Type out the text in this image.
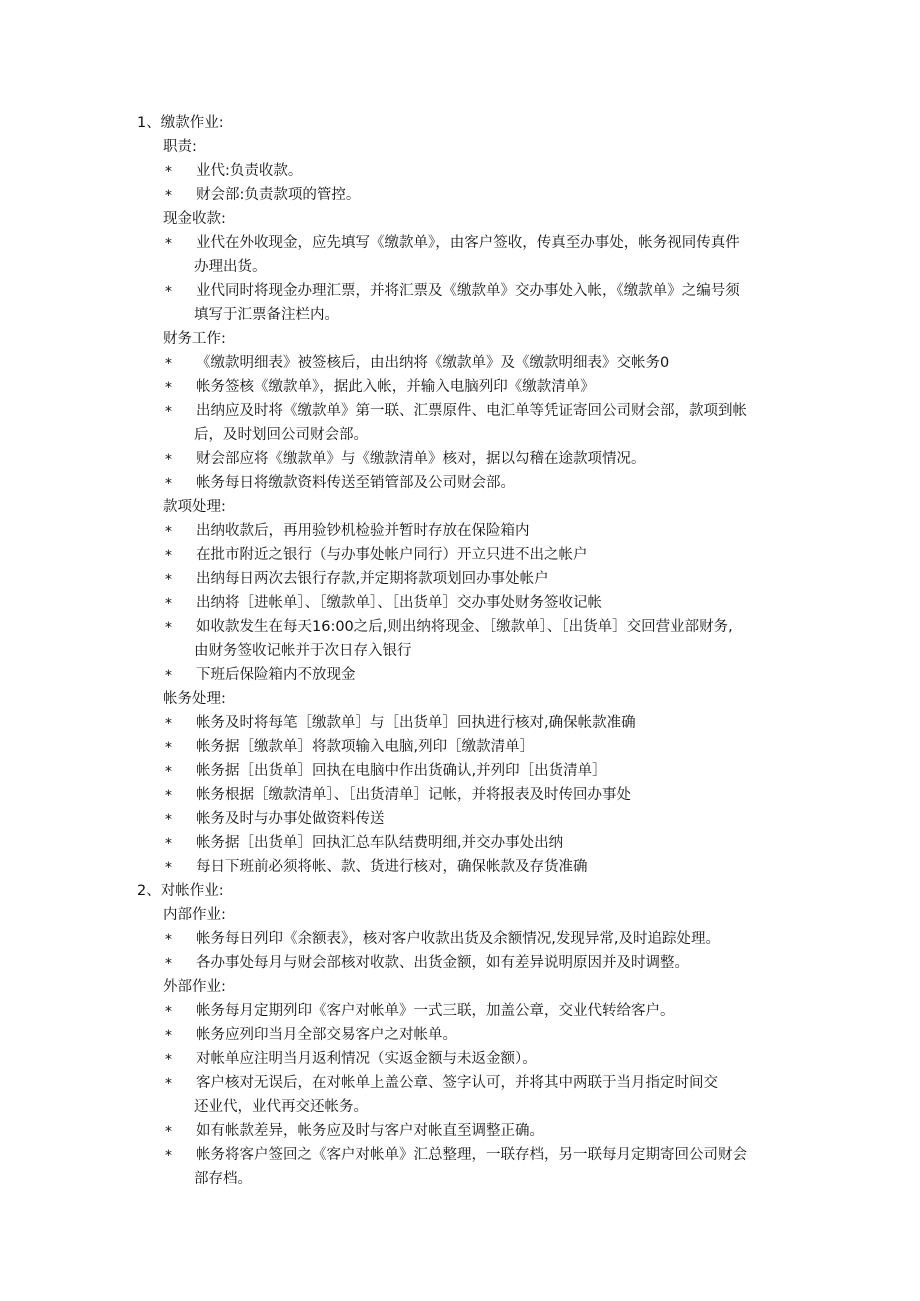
1、缴款作业:
职责:
* 业代:负责收款。
* 财会部:负责款项的管控。
现金收款:
* 业代在外收现金，应先填写《缴款单》，由客户签收，传真至办事处，帐务视同传真件
办理出货。
* 业代同时将现金办理汇票，并将汇票及《缴款单》交办事处入帐，《缴款单》之编号须
填写于汇票备注栏内。
财务工作:
* 《缴款明细表》被签核后，由出纳将《缴款单》及《缴款明细表》交帐务0
* 帐务签核《缴款单》，据此入帐，并输入电脑列印《缴款清单》
* 出纳应及时将《缴款单》第一联、汇票原件、电汇单等凭证寄回公司财会部，款项到帐
后，及时划回公司财会部。
* 财会部应将《缴款单》与《缴款清单》核对，据以勾稽在途款项情况。
* 帐务每日将缴款资料传送至销管部及公司财会部。
款项处理:
* 出纳收款后，再用验钞机检验并暂时存放在保险箱内
* 在批市附近之银行（与办事处帐户同行）开立只进不出之帐户
* 出纳每日两次去银行存款,并定期将款项划回办事处帐户
* 出纳将［进帐单］、［缴款单］、［出货单］交办事处财务签收记帐
* 如收款发生在每天16:00之后,则出纳将现金、［缴款单］、［出货单］交回营业部财务,
由财务签收记帐并于次日存入银行
* 下班后保险箱内不放现金
帐务处理:
* 帐务及时将每笔［缴款单］与［出货单］回执进行核对,确保帐款准确
* 帐务据［缴款单］将款项输入电脑,列印［缴款清单］
* 帐务据［出货单］回执在电脑中作出货确认,并列印［出货清单］
* 帐务根据［缴款清单］、［出货清单］记帐，并将报表及时传回办事处
* 帐务及时与办事处做资料传送
* 帐务据［出货单］回执汇总车队结费明细,并交办事处出纳
* 每日下班前必须将帐、款、货进行核对，确保帐款及存货准确
2、对帐作业:
内部作业:
* 帐务每日列印《余额表》，核对客户收款出货及余额情况,发现异常,及时追踪处理。
* 各办事处每月与财会部核对收款、出货金额，如有差异说明原因并及时调整。
外部作业:
* 帐务每月定期列印《客户对帐单》一式三联，加盖公章，交业代转给客户。
* 帐务应列印当月全部交易客户之对帐单。
* 对帐单应注明当月返利情况（实返金额与未返金额）。
* 客户核对无误后，在对帐单上盖公章、签字认可，并将其中两联于当月指定时间交
还业代，业代再交还帐务。
* 如有帐款差异，帐务应及时与客户对帐直至调整正确。
* 帐务将客户签回之《客户对帐单》汇总整理，一联存档，另一联每月定期寄回公司财会
部存档。
